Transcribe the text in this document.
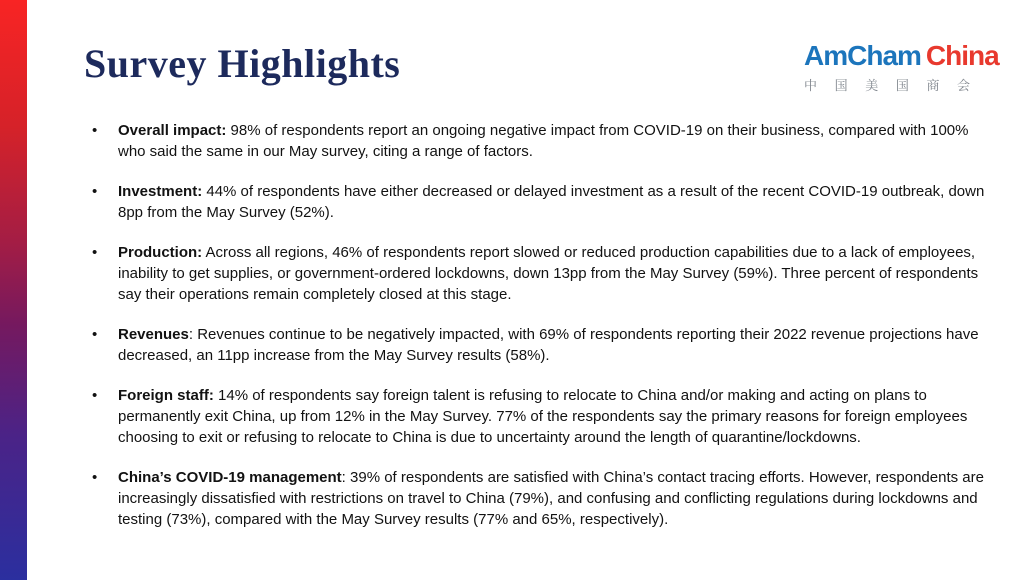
Survey Highlights	AmCham China
中 国 美 国 商 会
• Overall impact: 98% of respondents report an ongoing negative impact from COVID-19 on their business, compared with 100% who said the same in our May survey, citing a range of factors.
• Investment: 44% of respondents have either decreased or delayed investment as a result of the recent COVID-19 outbreak, down 8pp from the May Survey (52%).
• Production: Across all regions, 46% of respondents report slowed or reduced production capabilities due to a lack of employees, inability to get supplies, or government-ordered lockdowns, down 13pp from the May Survey (59%). Three percent of respondents say their operations remain completely closed at this stage.
• Revenues: Revenues continue to be negatively impacted, with 69% of respondents reporting their 2022 revenue projections have decreased, an 11pp increase from the May Survey results (58%).
• Foreign staff: 14% of respondents say foreign talent is refusing to relocate to China and/or making and acting on plans to permanently exit China, up from 12% in the May Survey. 77% of the respondents say the primary reasons for foreign employees choosing to exit or refusing to relocate to China is due to uncertainty around the length of quarantine/lockdowns.
• China’s COVID-19 management: 39% of respondents are satisfied with China’s contact tracing efforts. However, respondents are increasingly dissatisfied with restrictions on travel to China (79%), and confusing and conflicting regulations during lockdowns and testing (73%), compared with the May Survey results (77% and 65%, respectively).
